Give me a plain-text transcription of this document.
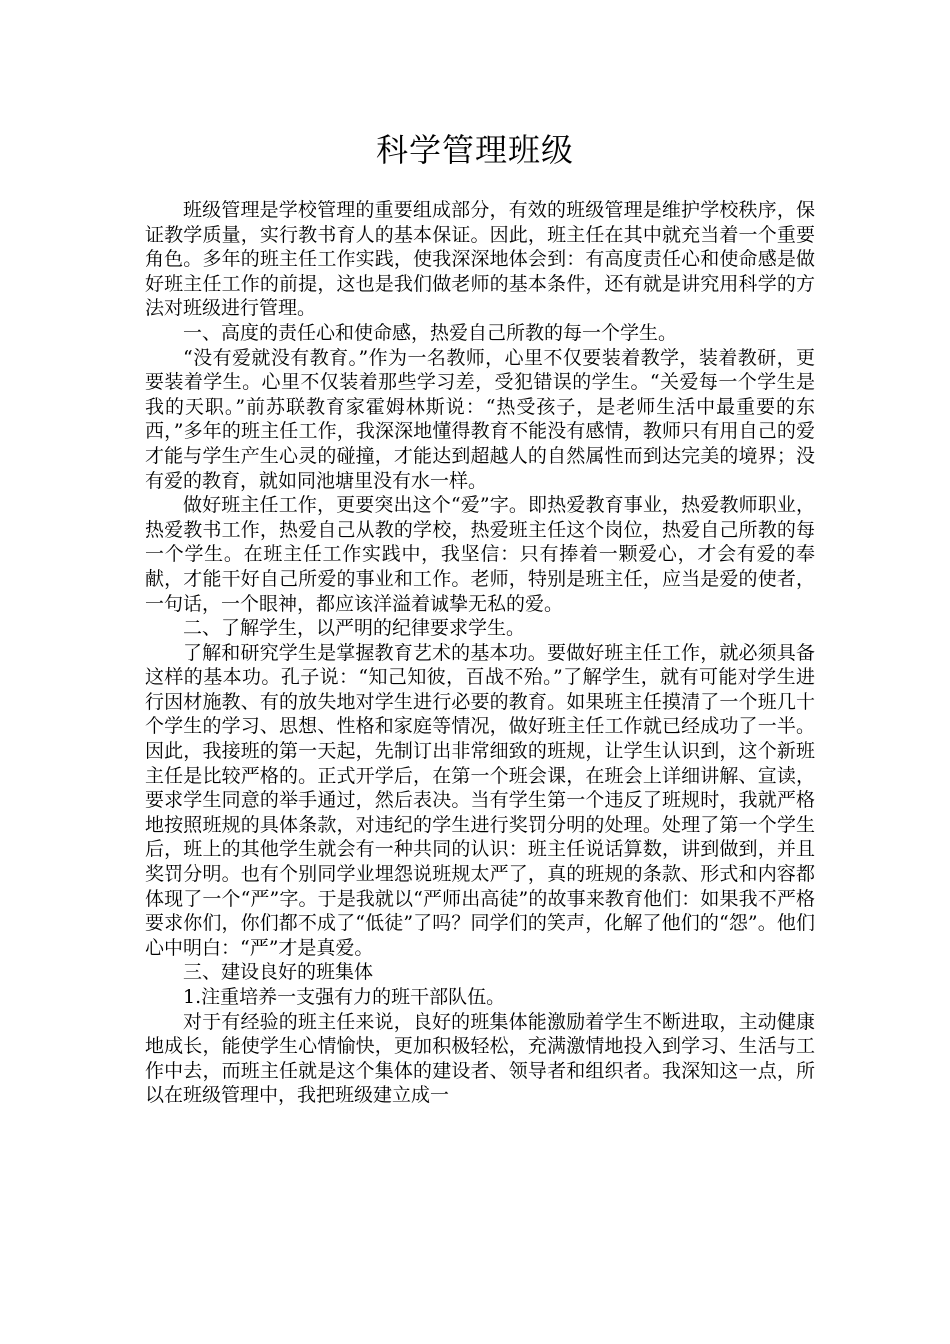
科学管理班级

班级管理是学校管理的重要组成部分，有效的班级管理是维护学校秩序，保证教学质量，实行教书育人的基本保证。因此，班主任在其中就充当着一个重要角色。多年的班主任工作实践，使我深深地体会到：有高度责任心和使命感是做好班主任工作的前提，这也是我们做老师的基本条件，还有就是讲究用科学的方法对班级进行管理。

一、高度的责任心和使命感，热爱自己所教的每一个学生。

“没有爱就没有教育。”作为一名教师，心里不仅要装着教学，装着教研，更要装着学生。心里不仅装着那些学习差，受犯错误的学生。“关爱每一个学生是我的天职。”前苏联教育家霍姆林斯说：“热受孩子，是老师生活中最重要的东西，”多年的班主任工作，我深深地懂得教育不能没有感情，教师只有用自己的爱才能与学生产生心灵的碰撞，才能达到超越人的自然属性而到达完美的境界；没有爱的教育，就如同池塘里没有水一样。

做好班主任工作，更要突出这个“爱”字。即热爱教育事业，热爱教师职业，热爱教书工作，热爱自己从教的学校，热爱班主任这个岗位，热爱自己所教的每一个学生。在班主任工作实践中，我坚信：只有捧着一颗爱心，才会有爱的奉献，才能干好自己所爱的事业和工作。老师，特别是班主任，应当是爱的使者，一句话，一个眼神，都应该洋溢着诚挚无私的爱。

二、了解学生，以严明的纪律要求学生。

了解和研究学生是掌握教育艺术的基本功。要做好班主任工作，就必须具备这样的基本功。孔子说：“知己知彼，百战不殆。”了解学生，就有可能对学生进行因材施教、有的放失地对学生进行必要的教育。如果班主任摸清了一个班几十个学生的学习、思想、性格和家庭等情况，做好班主任工作就已经成功了一半。因此，我接班的第一天起，先制订出非常细致的班规，让学生认识到，这个新班主任是比较严格的。正式开学后，在第一个班会课，在班会上详细讲解、宣读，要求学生同意的举手通过，然后表决。当有学生第一个违反了班规时，我就严格地按照班规的具体条款，对违纪的学生进行奖罚分明的处理。处理了第一个学生后，班上的其他学生就会有一种共同的认识：班主任说话算数，讲到做到，并且奖罚分明。也有个别同学业埋怨说班规太严了，真的班规的条款、形式和内容都体现了一个“严”字。于是我就以“严师出高徒”的故事来教育他们：如果我不严格要求你们，你们都不成了“低徒”了吗？同学们的笑声，化解了他们的“怨”。他们心中明白：“严”才是真爱。

三、建设良好的班集体

1.注重培养一支强有力的班干部队伍。

对于有经验的班主任来说，良好的班集体能激励着学生不断进取，主动健康地成长，能使学生心情愉快，更加积极轻松，充满激情地投入到学习、生活与工作中去，而班主任就是这个集体的建设者、领导者和组织者。我深知这一点，所以在班级管理中，我把班级建立成一
